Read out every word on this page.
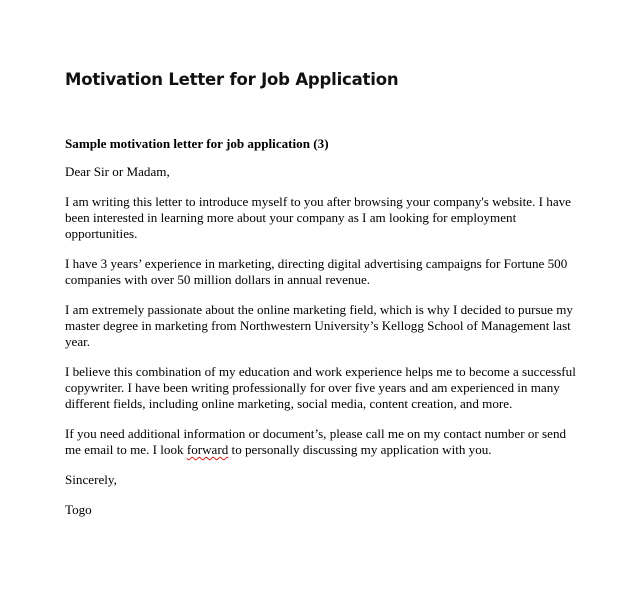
Motivation Letter for Job Application

Sample motivation letter for job application (3)

Dear Sir or Madam,

I am writing this letter to introduce myself to you after browsing your company's website. I have been interested in learning more about your company as I am looking for employment opportunities.

I have 3 years’ experience in marketing, directing digital advertising campaigns for Fortune 500 companies with over 50 million dollars in annual revenue.

I am extremely passionate about the online marketing field, which is why I decided to pursue my master degree in marketing from Northwestern University’s Kellogg School of Management last year.

I believe this combination of my education and work experience helps me to become a successful copywriter. I have been writing professionally for over five years and am experienced in many different fields, including online marketing, social media, content creation, and more.

If you need additional information or document’s, please call me on my contact number or send me email to me. I look forward to personally discussing my application with you.

Sincerely,

Togo
